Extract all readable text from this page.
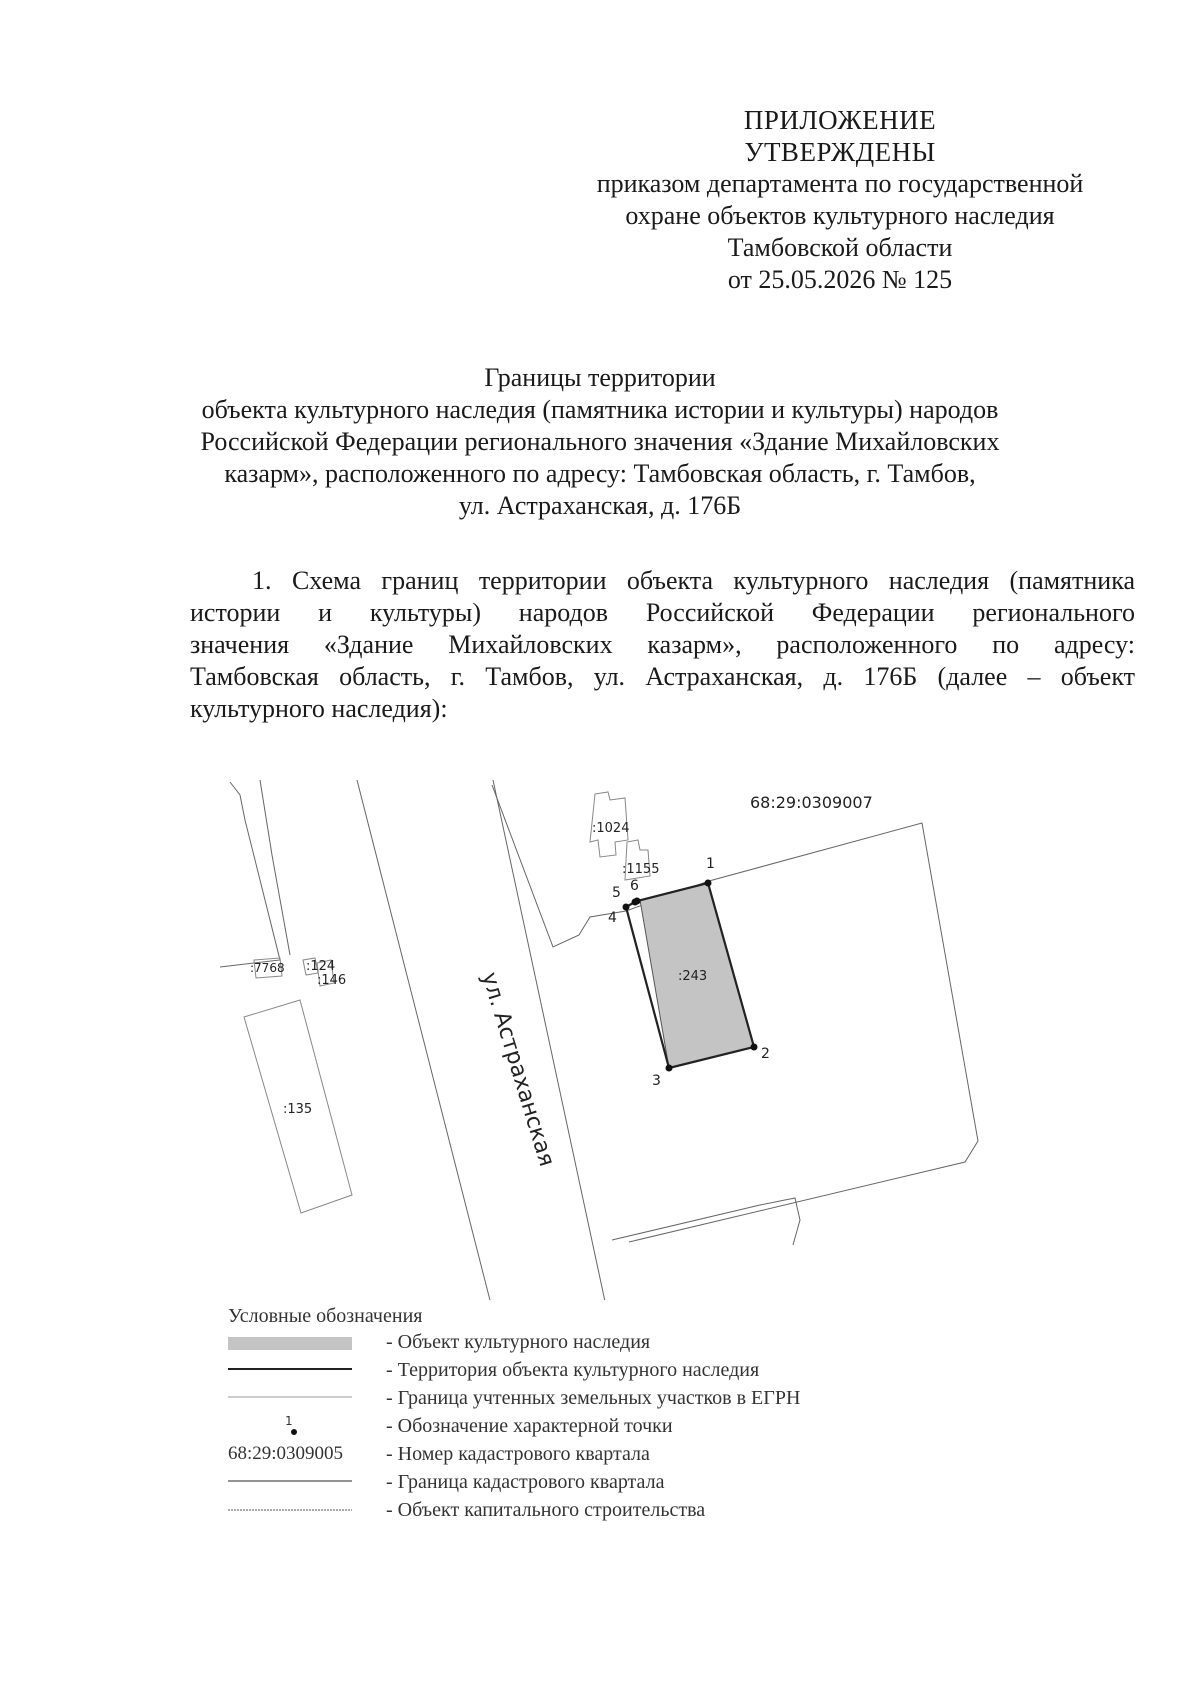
ПРИЛОЖЕНИЕ
УТВЕРЖДЕНЫ
приказом департамента по государственной
охране объектов культурного наследия
Тамбовской области
от 25.05.2026 № 125
Границы территории
объекта культурного наследия (памятника истории и культуры) народов
Российской Федерации регионального значения «Здание Михайловских
казарм», расположенного по адресу: Тамбовская область, г. Тамбов,
ул. Астраханская, д. 176Б
1. Схема границ территории объекта культурного наследия (памятника
истории и культуры) народов Российской Федерации регионального
значения «Здание Михайловских казарм», расположенного по адресу:
Тамбовская область, г. Тамбов, ул. Астраханская, д. 176Б (далее – объект
культурного наследия):
1
2
3
4
5 6
:1024
:1155
:243
:124
:146
:7768
:135
68:29:0309007
ул. Астраханская
Условные обозначения
- Объект культурного наследия
- Территория объекта культурного наследия
- Граница учтенных земельных участков в ЕГРН
1	- Обозначение характерной точки
68:29:0309005 - Номер кадастрового квартала
- Граница кадастрового квартала
- Объект капитального строительства
